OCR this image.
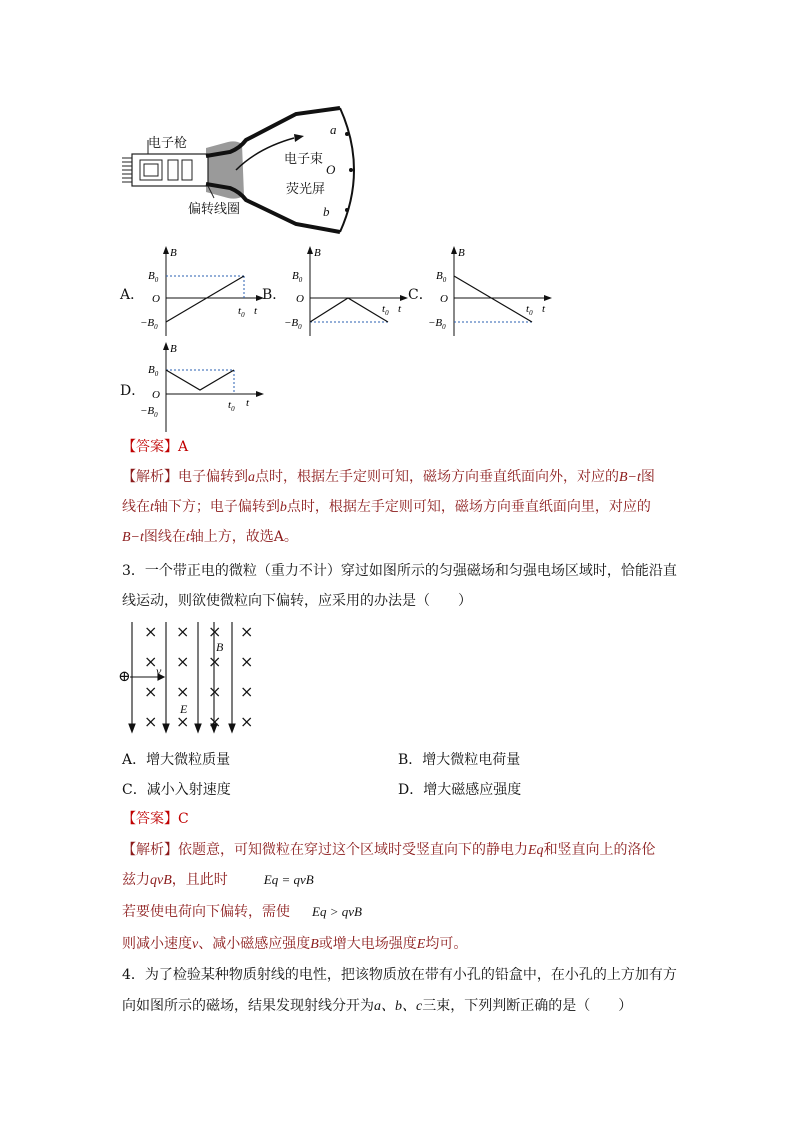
电子枪
电子束
荧光屏
偏转线圈
a
O
b
A．
B
$B_0$
O
$-B_0$
$t_0$ t
B．
B
$B_0$
O
$-B_0$
$t_0$ t
C．
B
$B_0$
O
$-B_0$
$t_0$ t
D．
B
$B_0$
O
$-B_0$
$t_0$ t
【答案】A
【解析】电子偏转到a点时，根据左手定则可知，磁场方向垂直纸面向外，对应的B−t图
线在t轴下方；电子偏转到b点时，根据左手定则可知，磁场方向垂直纸面向里，对应的
B−t图线在t轴上方，故选A。
3．一个带正电的微粒（重力不计）穿过如图所示的匀强磁场和匀强电场区域时，恰能沿直
线运动，则欲使微粒向下偏转，应采用的办法是（　　）
⊕ v
B
E
× × × ×
× × × ×
× × × ×
× × × ×
A．增大微粒质量	B．增大微粒电荷量
C．减小入射速度	D．增大磁感应强度
【答案】C
【解析】依题意，可知微粒在穿过这个区域时受竖直向下的静电力Eq和竖直向上的洛伦
兹力qvB，且此时	Eq = qvB
若要使电荷向下偏转，需使 Eq > qvB
则减小速度v、减小磁感应强度B或增大电场强度E均可。
4．为了检验某种物质射线的电性，把该物质放在带有小孔的铅盒中，在小孔的上方加有方
向如图所示的磁场，结果发现射线分开为a、b、c三束，下列判断正确的是（　　）
